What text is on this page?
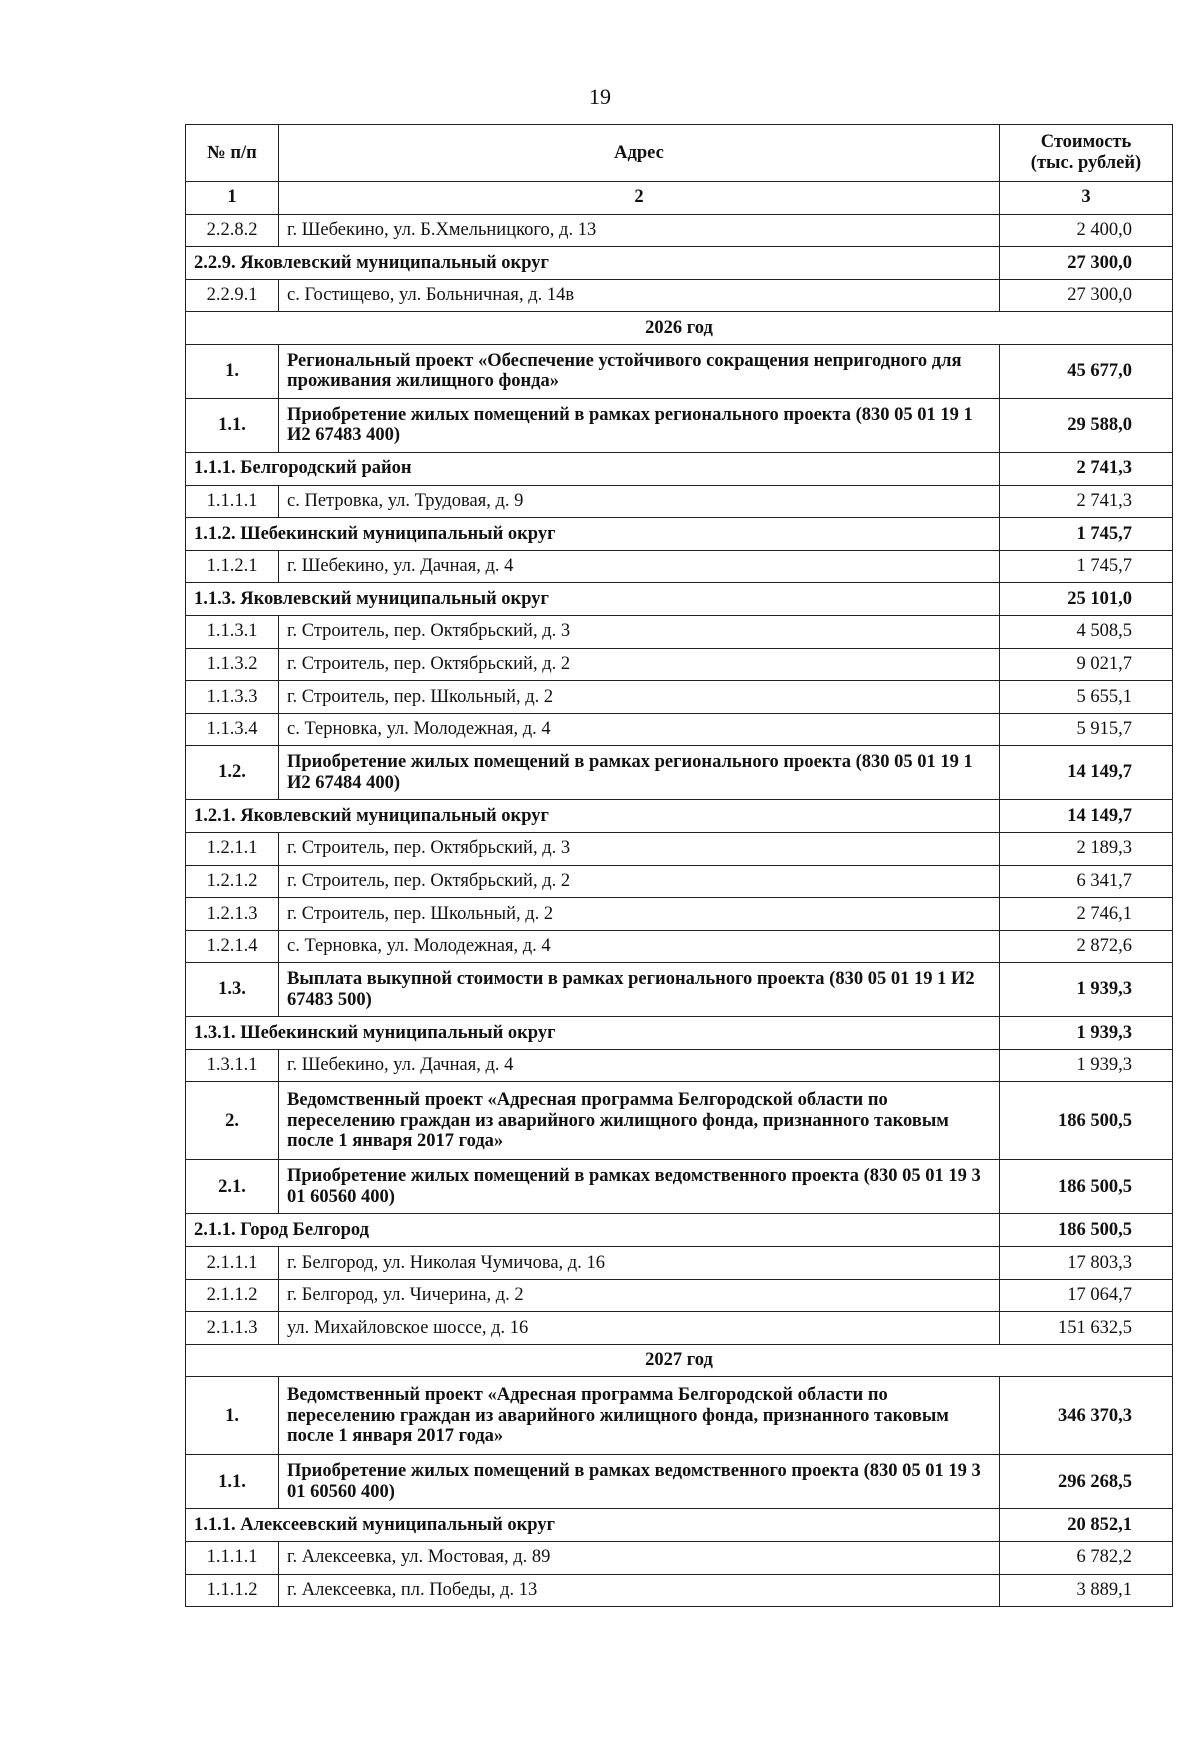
19
№ п/п	Адрес	Стоимость
(тыс. рублей)
1	2	3
2.2.8.2	г. Шебекино, ул. Б.Хмельницкого, д. 13	2 400,0
2.2.9. Яковлевский муниципальный округ		27 300,0
2.2.9.1	с. Гостищево, ул. Больничная, д. 14в	27 300,0
2026 год		
1.	Региональный проект «Обеспечение устойчивого сокращения непригодного для проживания жилищного фонда»	45 677,0
1.1.	Приобретение жилых помещений в рамках регионального проекта (830 05 01 19 1 И2 67483 400)	29 588,0
1.1.1. Белгородский район		2 741,3
1.1.1.1	с. Петровка, ул. Трудовая, д. 9	2 741,3
1.1.2. Шебекинский муниципальный округ		1 745,7
1.1.2.1	г. Шебекино, ул. Дачная, д. 4	1 745,7
1.1.3. Яковлевский муниципальный округ		25 101,0
1.1.3.1	г. Строитель, пер. Октябрьский, д. 3	4 508,5
1.1.3.2	г. Строитель, пер. Октябрьский, д. 2	9 021,7
1.1.3.3	г. Строитель, пер. Школьный, д. 2	5 655,1
1.1.3.4	с. Терновка, ул. Молодежная, д. 4	5 915,7
1.2.	Приобретение жилых помещений в рамках регионального проекта (830 05 01 19 1 И2 67484 400)	14 149,7
1.2.1. Яковлевский муниципальный округ		14 149,7
1.2.1.1	г. Строитель, пер. Октябрьский, д. 3	2 189,3
1.2.1.2	г. Строитель, пер. Октябрьский, д. 2	6 341,7
1.2.1.3	г. Строитель, пер. Школьный, д. 2	2 746,1
1.2.1.4	с. Терновка, ул. Молодежная, д. 4	2 872,6
1.3.	Выплата выкупной стоимости в рамках регионального проекта (830 05 01 19 1 И2 67483 500)	1 939,3
1.3.1. Шебекинский муниципальный округ		1 939,3
1.3.1.1	г. Шебекино, ул. Дачная, д. 4	1 939,3
2.	Ведомственный проект «Адресная программа Белгородской области по переселению граждан из аварийного жилищного фонда, признанного таковым после 1 января 2017 года»	186 500,5
2.1.	Приобретение жилых помещений в рамках ведомственного проекта (830 05 01 19 3 01 60560 400)	186 500,5
2.1.1. Город Белгород		186 500,5
2.1.1.1	г. Белгород, ул. Николая Чумичова, д. 16	17 803,3
2.1.1.2	г. Белгород, ул. Чичерина, д. 2	17 064,7
2.1.1.3	ул. Михайловское шоссе, д. 16	151 632,5
2027 год		
1.	Ведомственный проект «Адресная программа Белгородской области по переселению граждан из аварийного жилищного фонда, признанного таковым после 1 января 2017 года»	346 370,3
1.1.	Приобретение жилых помещений в рамках ведомственного проекта (830 05 01 19 3 01 60560 400)	296 268,5
1.1.1. Алексеевский муниципальный округ		20 852,1
1.1.1.1	г. Алексеевка, ул. Мостовая, д. 89	6 782,2
1.1.1.2	г. Алексеевка, пл. Победы, д. 13	3 889,1
